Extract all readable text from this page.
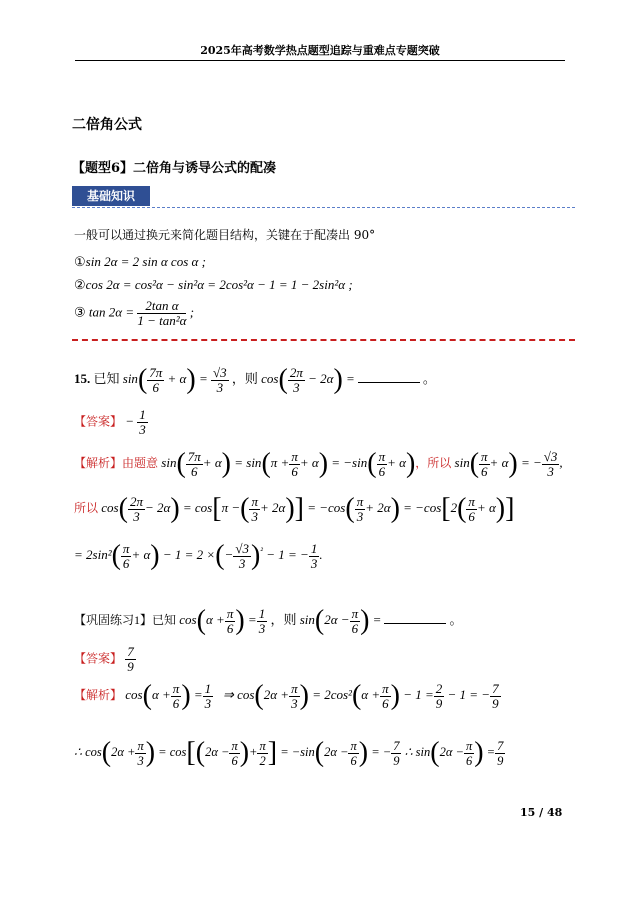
2025年高考数学热点题型追踪与重难点专题突破
二倍角公式
【题型6】二倍角与诱导公式的配凑
基础知识
一般可以通过换元来简化题目结构，关键在于配凑出 90°
①sin 2α = 2 sin α cos α ;
②cos 2α = cos²α − sin²α = 2cos²α − 1 = 1 − 2sin²α ;
③ $\tan 2\alpha = \frac{\text{2tan α}}{\text{1 − tan²α}}$ ;
15. 已知 $\sin( \frac{7\pi}{6} + \alpha) = \frac{√3}{3}$ ，则 $\cos( \frac{2\pi}{3} - 2\alpha)$ =	。
【答案】 − $\frac{1}{3}$
【解析】由题意 $\sin( \frac{7\pi}{6} + \alpha) = \sin(\pi + \frac{\pi}{6} + \alpha) = -\sin( \frac{\pi}{6} + \alpha)$，所以 $\sin( \frac{\pi}{6} + \alpha)$ = − $\frac{√3}{3}$ ,
所以 $\cos( \frac{2\pi}{3} - 2\alpha) = \cos[\pi$ −( $\frac{\pi}{3} + 2\alpha)] = -\cos( \frac{\pi}{3} + 2\alpha) = -\cos[2( \frac{\pi}{6} + \alpha)]$
= $2\sin^2( \frac{\pi}{6} + \alpha) - 1 = 2$ ×(− $\frac{√3}{3} )^{^2} - 1$ = − $\frac{1}{3}$ .
【巩固练习1】已知 $\cos(\alpha + \frac{\pi}{6}$ ) = $\frac{1}{3}$ ，则 $\sin(2\alpha - \frac{\pi}{6}$ ) =	。
【答案】 $\frac{7}{9}$
【解析】 $\cos(\alpha + \frac{\pi}{6}$ ) = $\frac{1}{3}$ ⇒ $\cos(2\alpha + \frac{\pi}{3}$ ) = $2\cos^2(\alpha + \frac{\pi}{6}$ ) − $1 = \frac{2}{9} - 1$ = − $\frac{7}{9}$
∴ $\cos(2\alpha + \frac{\pi}{3}$ ) = $\cos[(2\alpha - \frac{\pi}{6}$ )+ $\frac{\pi}{2}$ ] = $-\sin(2\alpha - \frac{\pi}{6}$ ) = − $\frac{7}{9}$ ∴ $\sin(2\alpha - \frac{\pi}{6}$ ) = $\frac{7}{9}$
15 / 48
